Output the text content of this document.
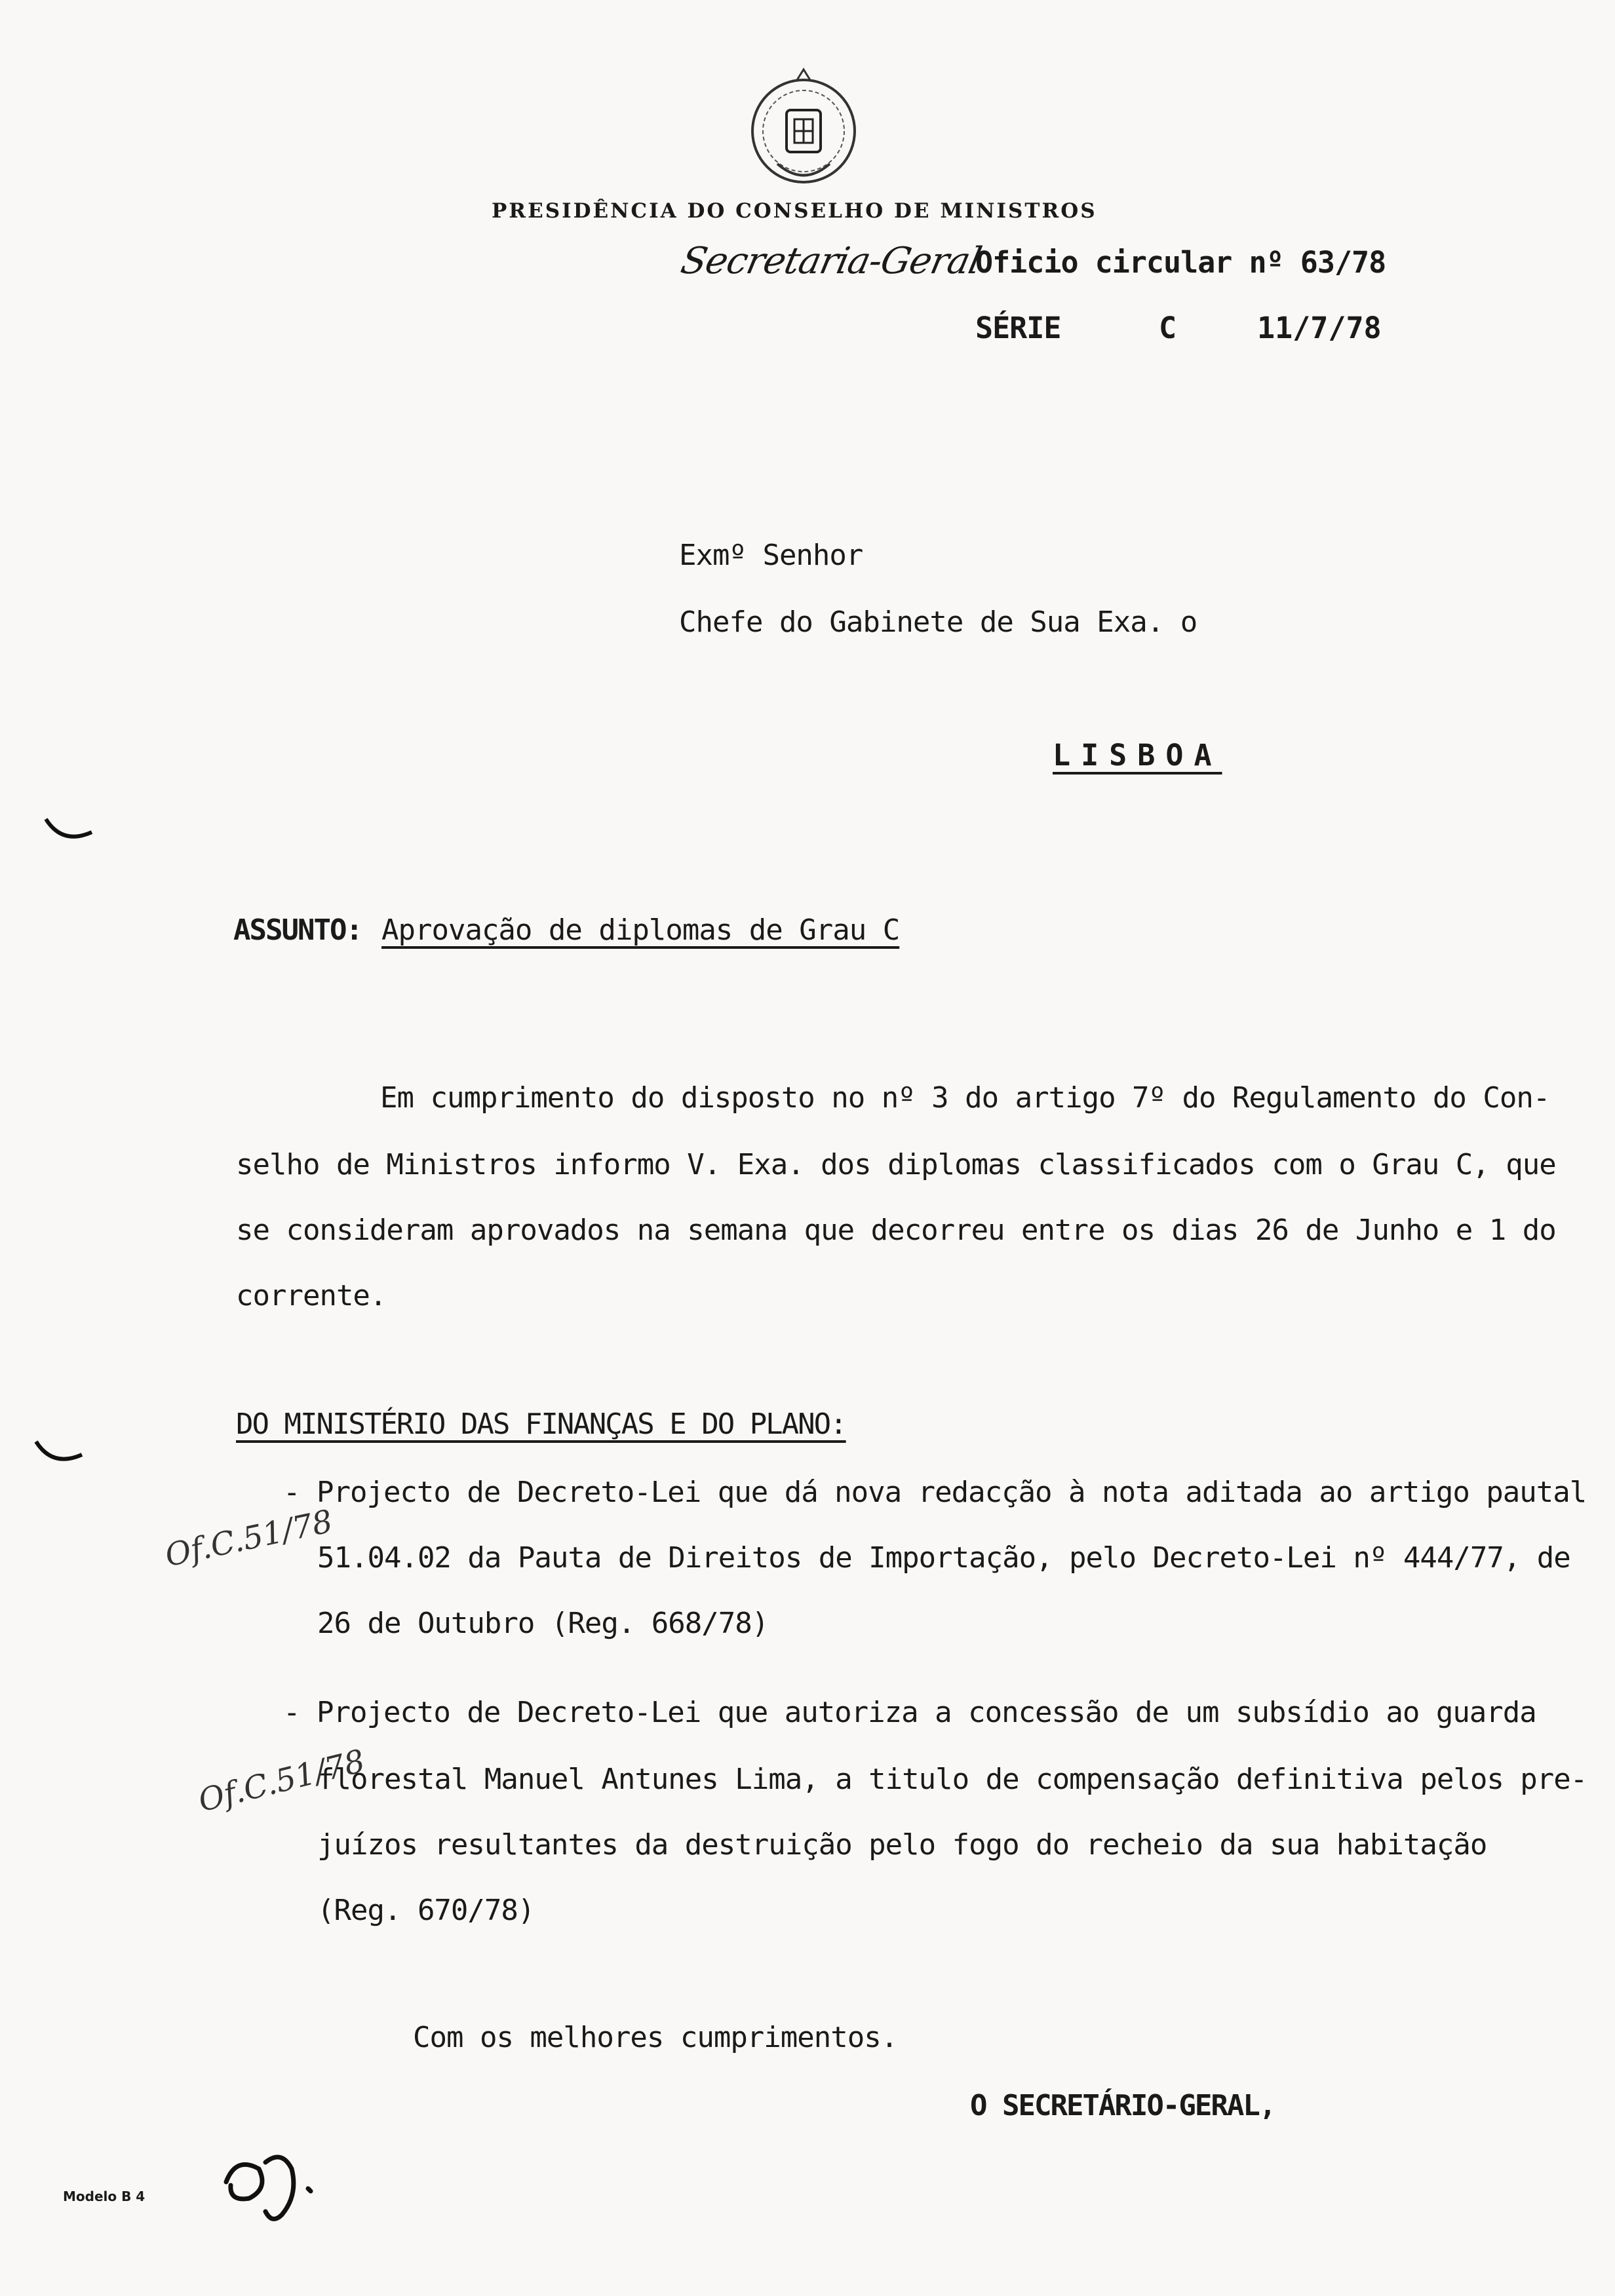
PRESIDÊNCIA DO CONSELHO DE MINISTROS
Secretaria-Geral
Oficio circular nº 63/78
SÉRIE	C	11/7/78
Exmº Senhor
Chefe do Gabinete de Sua Exa. o
LISBOA
ASSUNTO: Aprovação de diplomas de Grau C
Em cumprimento do disposto no nº 3 do artigo 7º do Regulamento do Con-
selho de Ministros informo V. Exa. dos diplomas classificados com o Grau C, que
se consideram aprovados na semana que decorreu entre os dias 26 de Junho e 1 do
corrente.
DO MINISTÉRIO DAS FINANÇAS E DO PLANO:
- Projecto de Decreto-Lei que dá nova redacção à nota aditada ao artigo pautal
51.04.02 da Pauta de Direitos de Importação, pelo Decreto-Lei nº 444/77, de
26 de Outubro (Reg. 668/78)
Of.C.51/78
- Projecto de Decreto-Lei que autoriza a concessão de um subsídio ao guarda
florestal Manuel Antunes Lima, a titulo de compensação definitiva pelos pre-
juízos resultantes da destruição pelo fogo do recheio da sua habitação
(Reg. 670/78)
Of.C.51/78
Com os melhores cumprimentos.
O SECRETÁRIO-GERAL,
Modelo B 4
